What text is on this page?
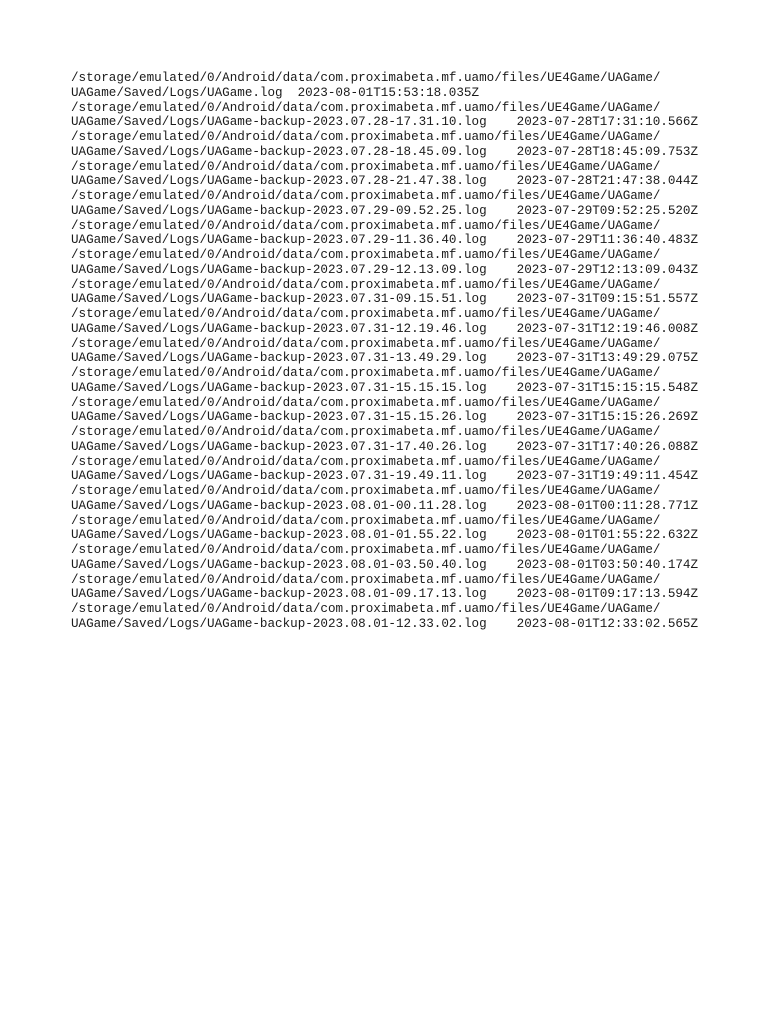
/storage/emulated/0/Android/data/com.proximabeta.mf.uamo/files/UE4Game/UAGame/
UAGame/Saved/Logs/UAGame.log 2023-08-01T15:53:18.035Z
/storage/emulated/0/Android/data/com.proximabeta.mf.uamo/files/UE4Game/UAGame/
UAGame/Saved/Logs/UAGame-backup-2023.07.28-17.31.10.log 2023-07-28T17:31:10.566Z
/storage/emulated/0/Android/data/com.proximabeta.mf.uamo/files/UE4Game/UAGame/
UAGame/Saved/Logs/UAGame-backup-2023.07.28-18.45.09.log 2023-07-28T18:45:09.753Z
/storage/emulated/0/Android/data/com.proximabeta.mf.uamo/files/UE4Game/UAGame/
UAGame/Saved/Logs/UAGame-backup-2023.07.28-21.47.38.log 2023-07-28T21:47:38.044Z
/storage/emulated/0/Android/data/com.proximabeta.mf.uamo/files/UE4Game/UAGame/
UAGame/Saved/Logs/UAGame-backup-2023.07.29-09.52.25.log 2023-07-29T09:52:25.520Z
/storage/emulated/0/Android/data/com.proximabeta.mf.uamo/files/UE4Game/UAGame/
UAGame/Saved/Logs/UAGame-backup-2023.07.29-11.36.40.log 2023-07-29T11:36:40.483Z
/storage/emulated/0/Android/data/com.proximabeta.mf.uamo/files/UE4Game/UAGame/
UAGame/Saved/Logs/UAGame-backup-2023.07.29-12.13.09.log 2023-07-29T12:13:09.043Z
/storage/emulated/0/Android/data/com.proximabeta.mf.uamo/files/UE4Game/UAGame/
UAGame/Saved/Logs/UAGame-backup-2023.07.31-09.15.51.log 2023-07-31T09:15:51.557Z
/storage/emulated/0/Android/data/com.proximabeta.mf.uamo/files/UE4Game/UAGame/
UAGame/Saved/Logs/UAGame-backup-2023.07.31-12.19.46.log 2023-07-31T12:19:46.008Z
/storage/emulated/0/Android/data/com.proximabeta.mf.uamo/files/UE4Game/UAGame/
UAGame/Saved/Logs/UAGame-backup-2023.07.31-13.49.29.log 2023-07-31T13:49:29.075Z
/storage/emulated/0/Android/data/com.proximabeta.mf.uamo/files/UE4Game/UAGame/
UAGame/Saved/Logs/UAGame-backup-2023.07.31-15.15.15.log 2023-07-31T15:15:15.548Z
/storage/emulated/0/Android/data/com.proximabeta.mf.uamo/files/UE4Game/UAGame/
UAGame/Saved/Logs/UAGame-backup-2023.07.31-15.15.26.log 2023-07-31T15:15:26.269Z
/storage/emulated/0/Android/data/com.proximabeta.mf.uamo/files/UE4Game/UAGame/
UAGame/Saved/Logs/UAGame-backup-2023.07.31-17.40.26.log 2023-07-31T17:40:26.088Z
/storage/emulated/0/Android/data/com.proximabeta.mf.uamo/files/UE4Game/UAGame/
UAGame/Saved/Logs/UAGame-backup-2023.07.31-19.49.11.log 2023-07-31T19:49:11.454Z
/storage/emulated/0/Android/data/com.proximabeta.mf.uamo/files/UE4Game/UAGame/
UAGame/Saved/Logs/UAGame-backup-2023.08.01-00.11.28.log 2023-08-01T00:11:28.771Z
/storage/emulated/0/Android/data/com.proximabeta.mf.uamo/files/UE4Game/UAGame/
UAGame/Saved/Logs/UAGame-backup-2023.08.01-01.55.22.log 2023-08-01T01:55:22.632Z
/storage/emulated/0/Android/data/com.proximabeta.mf.uamo/files/UE4Game/UAGame/
UAGame/Saved/Logs/UAGame-backup-2023.08.01-03.50.40.log 2023-08-01T03:50:40.174Z
/storage/emulated/0/Android/data/com.proximabeta.mf.uamo/files/UE4Game/UAGame/
UAGame/Saved/Logs/UAGame-backup-2023.08.01-09.17.13.log 2023-08-01T09:17:13.594Z
/storage/emulated/0/Android/data/com.proximabeta.mf.uamo/files/UE4Game/UAGame/
UAGame/Saved/Logs/UAGame-backup-2023.08.01-12.33.02.log 2023-08-01T12:33:02.565Z
